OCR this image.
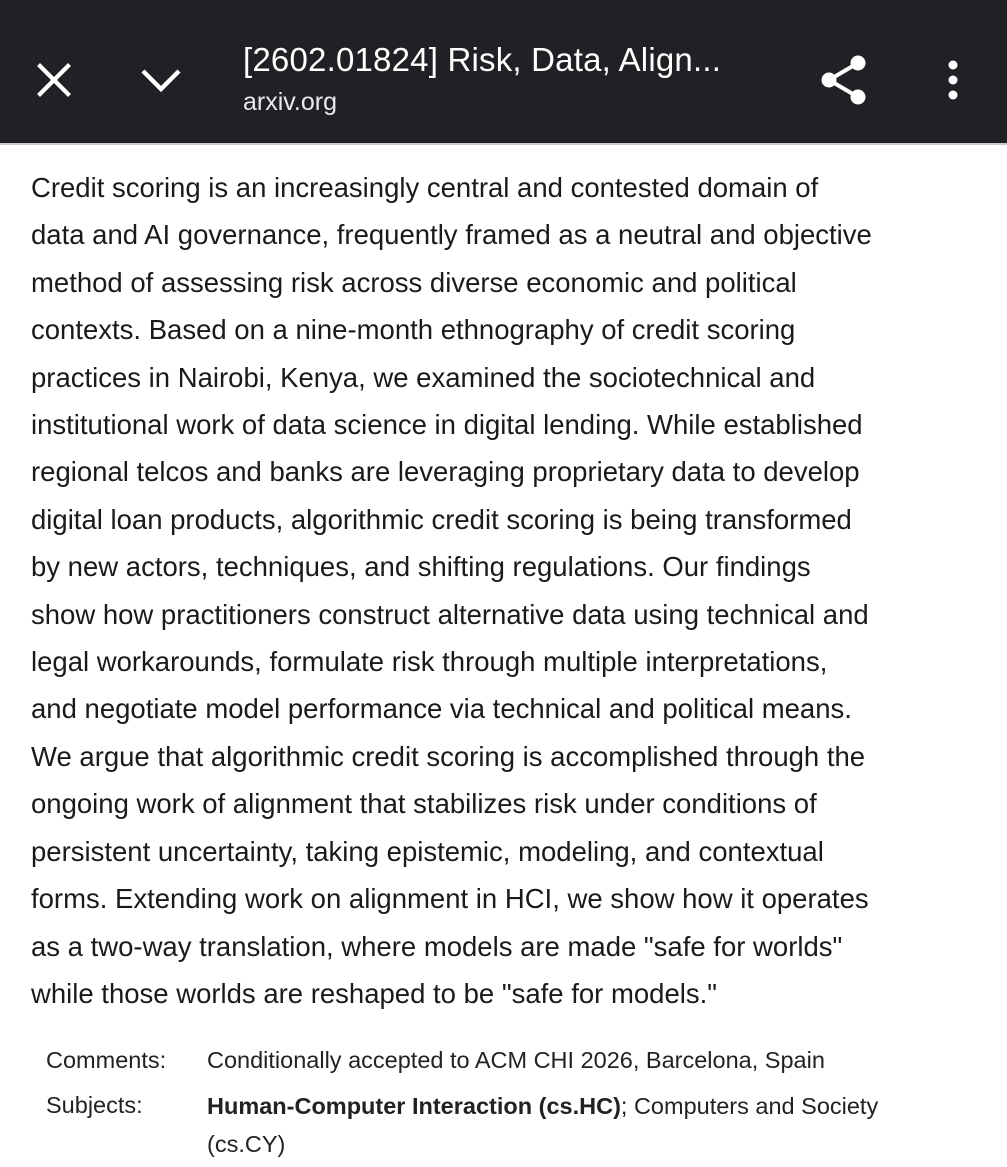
[2602.01824] Risk, Data, Align...
arxiv.org
Credit scoring is an increasingly central and contested domain of
data and AI governance, frequently framed as a neutral and objective
method of assessing risk across diverse economic and political
contexts. Based on a nine-month ethnography of credit scoring
practices in Nairobi, Kenya, we examined the sociotechnical and
institutional work of data science in digital lending. While established
regional telcos and banks are leveraging proprietary data to develop
digital loan products, algorithmic credit scoring is being transformed
by new actors, techniques, and shifting regulations. Our findings
show how practitioners construct alternative data using technical and
legal workarounds, formulate risk through multiple interpretations,
and negotiate model performance via technical and political means.
We argue that algorithmic credit scoring is accomplished through the
ongoing work of alignment that stabilizes risk under conditions of
persistent uncertainty, taking epistemic, modeling, and contextual
forms. Extending work on alignment in HCI, we show how it operates
as a two-way translation, where models are made "safe for worlds"
while those worlds are reshaped to be "safe for models."
Comments:	Conditionally accepted to ACM CHI 2026, Barcelona, Spain
Subjects:	Human-Computer Interaction (cs.HC); Computers and Society
(cs.CY)
